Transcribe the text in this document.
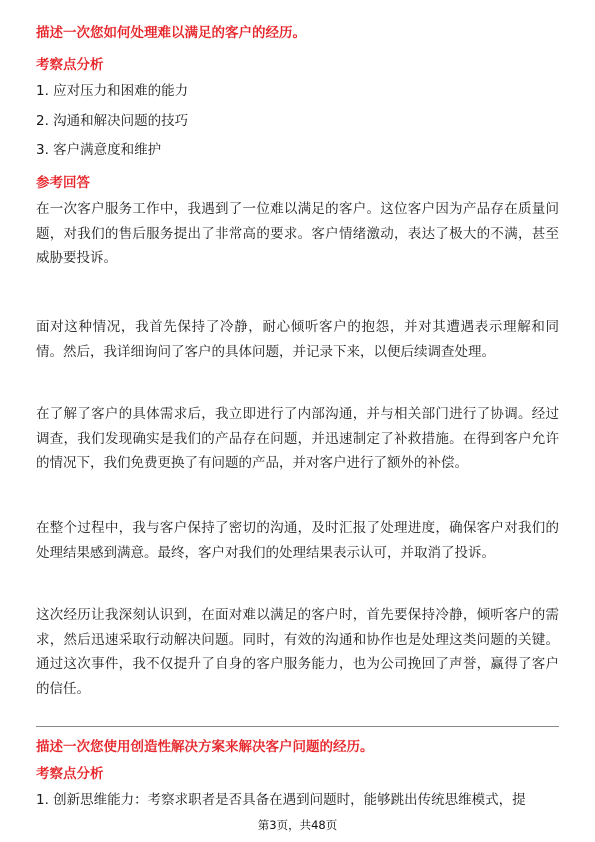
描述一次您如何处理难以满足的客户的经历。

考察点分析

1. 应对压力和困难的能力

2. 沟通和解决问题的技巧

3. 客户满意度和维护

参考回答

在一次客户服务工作中，我遇到了一位难以满足的客户。这位客户因为产品存在质量问题，对我们的售后服务提出了非常高的要求。客户情绪激动，表达了极大的不满，甚至威胁要投诉。

面对这种情况，我首先保持了冷静，耐心倾听客户的抱怨，并对其遭遇表示理解和同情。然后，我详细询问了客户的具体问题，并记录下来，以便后续调查处理。

在了解了客户的具体需求后，我立即进行了内部沟通，并与相关部门进行了协调。经过调查，我们发现确实是我们的产品存在问题，并迅速制定了补救措施。在得到客户允许的情况下，我们免费更换了有问题的产品，并对客户进行了额外的补偿。

在整个过程中，我与客户保持了密切的沟通，及时汇报了处理进度，确保客户对我们的处理结果感到满意。最终，客户对我们的处理结果表示认可，并取消了投诉。

这次经历让我深刻认识到，在面对难以满足的客户时，首先要保持冷静，倾听客户的需求，然后迅速采取行动解决问题。同时，有效的沟通和协作也是处理这类问题的关键。通过这次事件，我不仅提升了自身的客户服务能力，也为公司挽回了声誉，赢得了客户的信任。

描述一次您使用创造性解决方案来解决客户问题的经历。

考察点分析

1. 创新思维能力：考察求职者是否具备在遇到问题时，能够跳出传统思维模式，提

第3页，共48页
